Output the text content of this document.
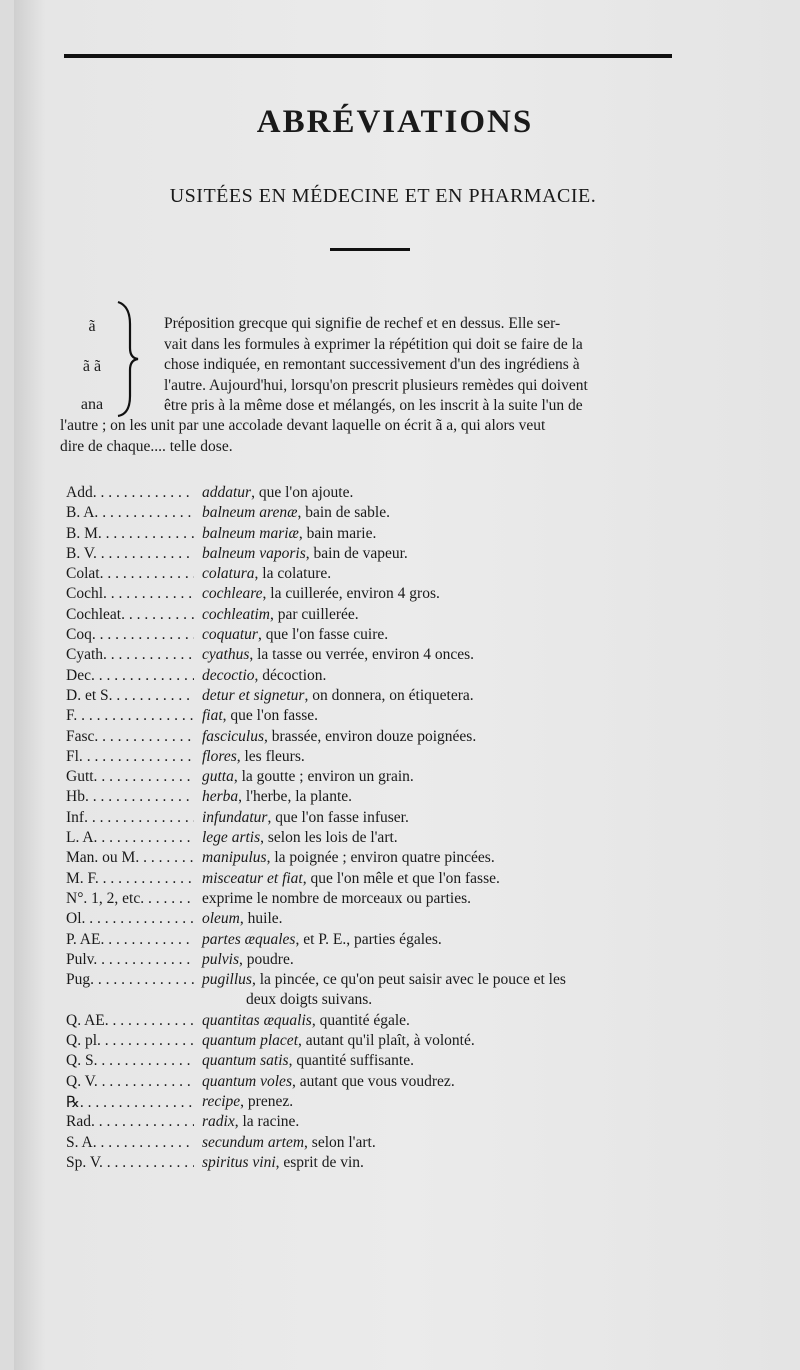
ABRÉVIATIONS
USITÉES EN MÉDECINE ET EN PHARMACIE.
ã
ã ã
ana
Préposition grecque qui signifie de rechef et en dessus. Elle ser-
vait dans les formules à exprimer la répétition qui doit se faire de la
chose indiquée, en remontant successivement d'un des ingrédiens à
l'autre. Aujourd'hui, lorsqu'on prescrit plusieurs remèdes qui doivent
être pris à la même dose et mélangés, on les inscrit à la suite l'un de
l'autre ; on les unit par une accolade devant laquelle on écrit ã a, qui alors veut
dire de chaque.... telle dose.
Add. . . .	addatur, que l'on ajoute.
B. A. . . .	balneum arenæ, bain de sable.
B. M. . . .	balneum mariæ, bain marie.
B. V. . . .	balneum vaporis, bain de vapeur.
Colat. . . .	colatura, la colature.
Cochl. . . .	cochleare, la cuillerée, environ 4 gros.
Cochleat. . . .	cochleatim, par cuillerée.
Coq. . . .	coquatur, que l'on fasse cuire.
Cyath. . . .	cyathus, la tasse ou verrée, environ 4 onces.
Dec. . . .	decoctio, décoction.
D. et S. . . .	detur et signetur, on donnera, on étiquetera.
F. . . .	fiat, que l'on fasse.
Fasc. . . .	fasciculus, brassée, environ douze poignées.
Fl. . . .	flores, les fleurs.
Gutt. . . .	gutta, la goutte ; environ un grain.
Hb. . . .	herba, l'herbe, la plante.
Inf. . . .	infundatur, que l'on fasse infuser.
L. A. . . .	lege artis, selon les lois de l'art.
Man. ou M. . . .	manipulus, la poignée ; environ quatre pincées.
M. F. . . .	misceatur et fiat, que l'on mêle et que l'on fasse.
N°. 1, 2, etc. . . .	exprime le nombre de morceaux ou parties.
Ol. . . .	oleum, huile.
P. AE. . . .	partes æquales, et P. E., parties égales.
Pulv. . . .	pulvis, poudre.
Pug. . . .	pugillus, la pincée, ce qu'on peut saisir avec le pouce et les
deux doigts suivans.
Q. AE. . . .	quantitas æqualis, quantité égale.
Q. pl. . . .	quantum placet, autant qu'il plaît, à volonté.
Q. S. . . .	quantum satis, quantité suffisante.
Q. V. . . .	quantum voles, autant que vous voudrez.
℞. . . .	recipe, prenez.
Rad. . . .	radix, la racine.
S. A. . . .	secundum artem, selon l'art.
Sp. V. . . .	spiritus vini, esprit de vin.
